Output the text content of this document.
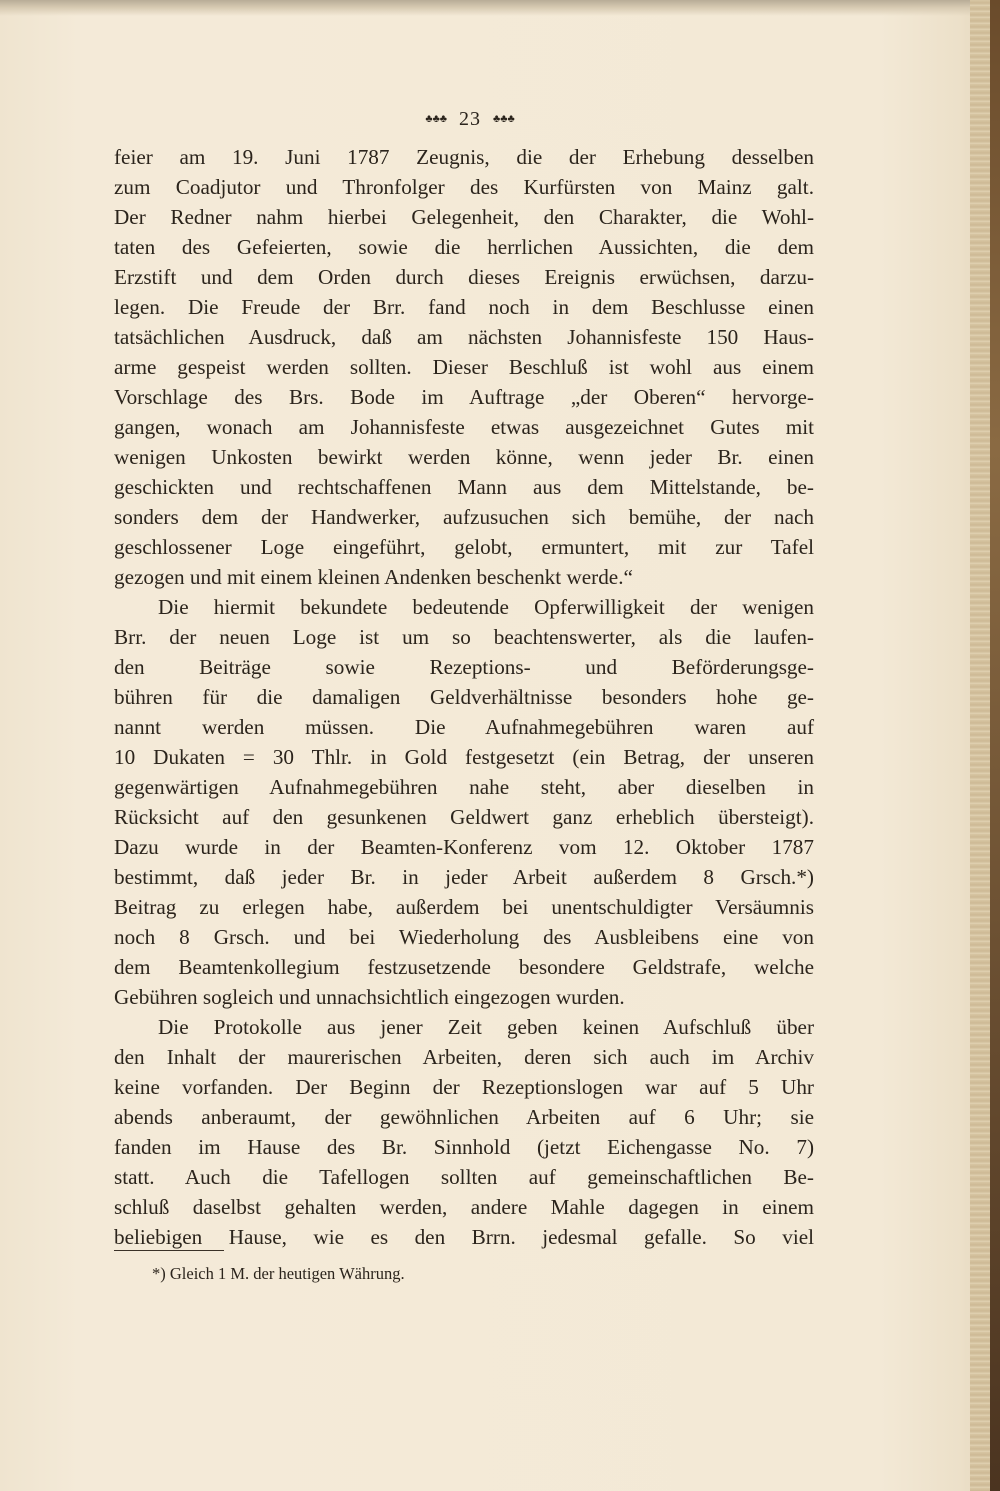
♣♣♣ 23 ♣♣♣

feier am 19. Juni 1787 Zeugnis, die der Erhebung desselben

zum Coadjutor und Thronfolger des Kurfürsten von Mainz galt.

Der Redner nahm hierbei Gelegenheit, den Charakter, die Wohl-

taten des Gefeierten, sowie die herrlichen Aussichten, die dem

Erzstift und dem Orden durch dieses Ereignis erwüchsen, darzu-

legen. Die Freude der Brr. fand noch in dem Beschlusse einen

tatsächlichen Ausdruck, daß am nächsten Johannisfeste 150 Haus-

arme gespeist werden sollten. Dieser Beschluß ist wohl aus einem

Vorschlage des Brs. Bode im Auftrage „der Oberen“ hervorge-

gangen, wonach am Johannisfeste etwas ausgezeichnet Gutes mit

wenigen Unkosten bewirkt werden könne, wenn jeder Br. einen

geschickten und rechtschaffenen Mann aus dem Mittelstande, be-

sonders dem der Handwerker, aufzusuchen sich bemühe, der nach

geschlossener Loge eingeführt, gelobt, ermuntert, mit zur Tafel

gezogen und mit einem kleinen Andenken beschenkt werde.“

Die hiermit bekundete bedeutende Opferwilligkeit der wenigen

Brr. der neuen Loge ist um so beachtenswerter, als die laufen-

den Beiträge sowie Rezeptions- und Beförderungsge-

bühren für die damaligen Geldverhältnisse besonders hohe ge-

nannt werden müssen. Die Aufnahmegebühren waren auf

10 Dukaten = 30 Thlr. in Gold festgesetzt (ein Betrag, der unseren

gegenwärtigen Aufnahmegebühren nahe steht, aber dieselben in

Rücksicht auf den gesunkenen Geldwert ganz erheblich übersteigt).

Dazu wurde in der Beamten-Konferenz vom 12. Oktober 1787

bestimmt, daß jeder Br. in jeder Arbeit außerdem 8 Grsch.*)

Beitrag zu erlegen habe, außerdem bei unentschuldigter Versäumnis

noch 8 Grsch. und bei Wiederholung des Ausbleibens eine von

dem Beamtenkollegium festzusetzende besondere Geldstrafe, welche

Gebühren sogleich und unnachsichtlich eingezogen wurden.

Die Protokolle aus jener Zeit geben keinen Aufschluß über

den Inhalt der maurerischen Arbeiten, deren sich auch im Archiv

keine vorfanden. Der Beginn der Rezeptionslogen war auf 5 Uhr

abends anberaumt, der gewöhnlichen Arbeiten auf 6 Uhr; sie

fanden im Hause des Br. Sinnhold (jetzt Eichengasse No. 7)

statt. Auch die Tafellogen sollten auf gemeinschaftlichen Be-

schluß daselbst gehalten werden, andere Mahle dagegen in einem

beliebigen Hause, wie es den Brrn. jedesmal gefalle. So viel

*) Gleich 1 M. der heutigen Währung.
